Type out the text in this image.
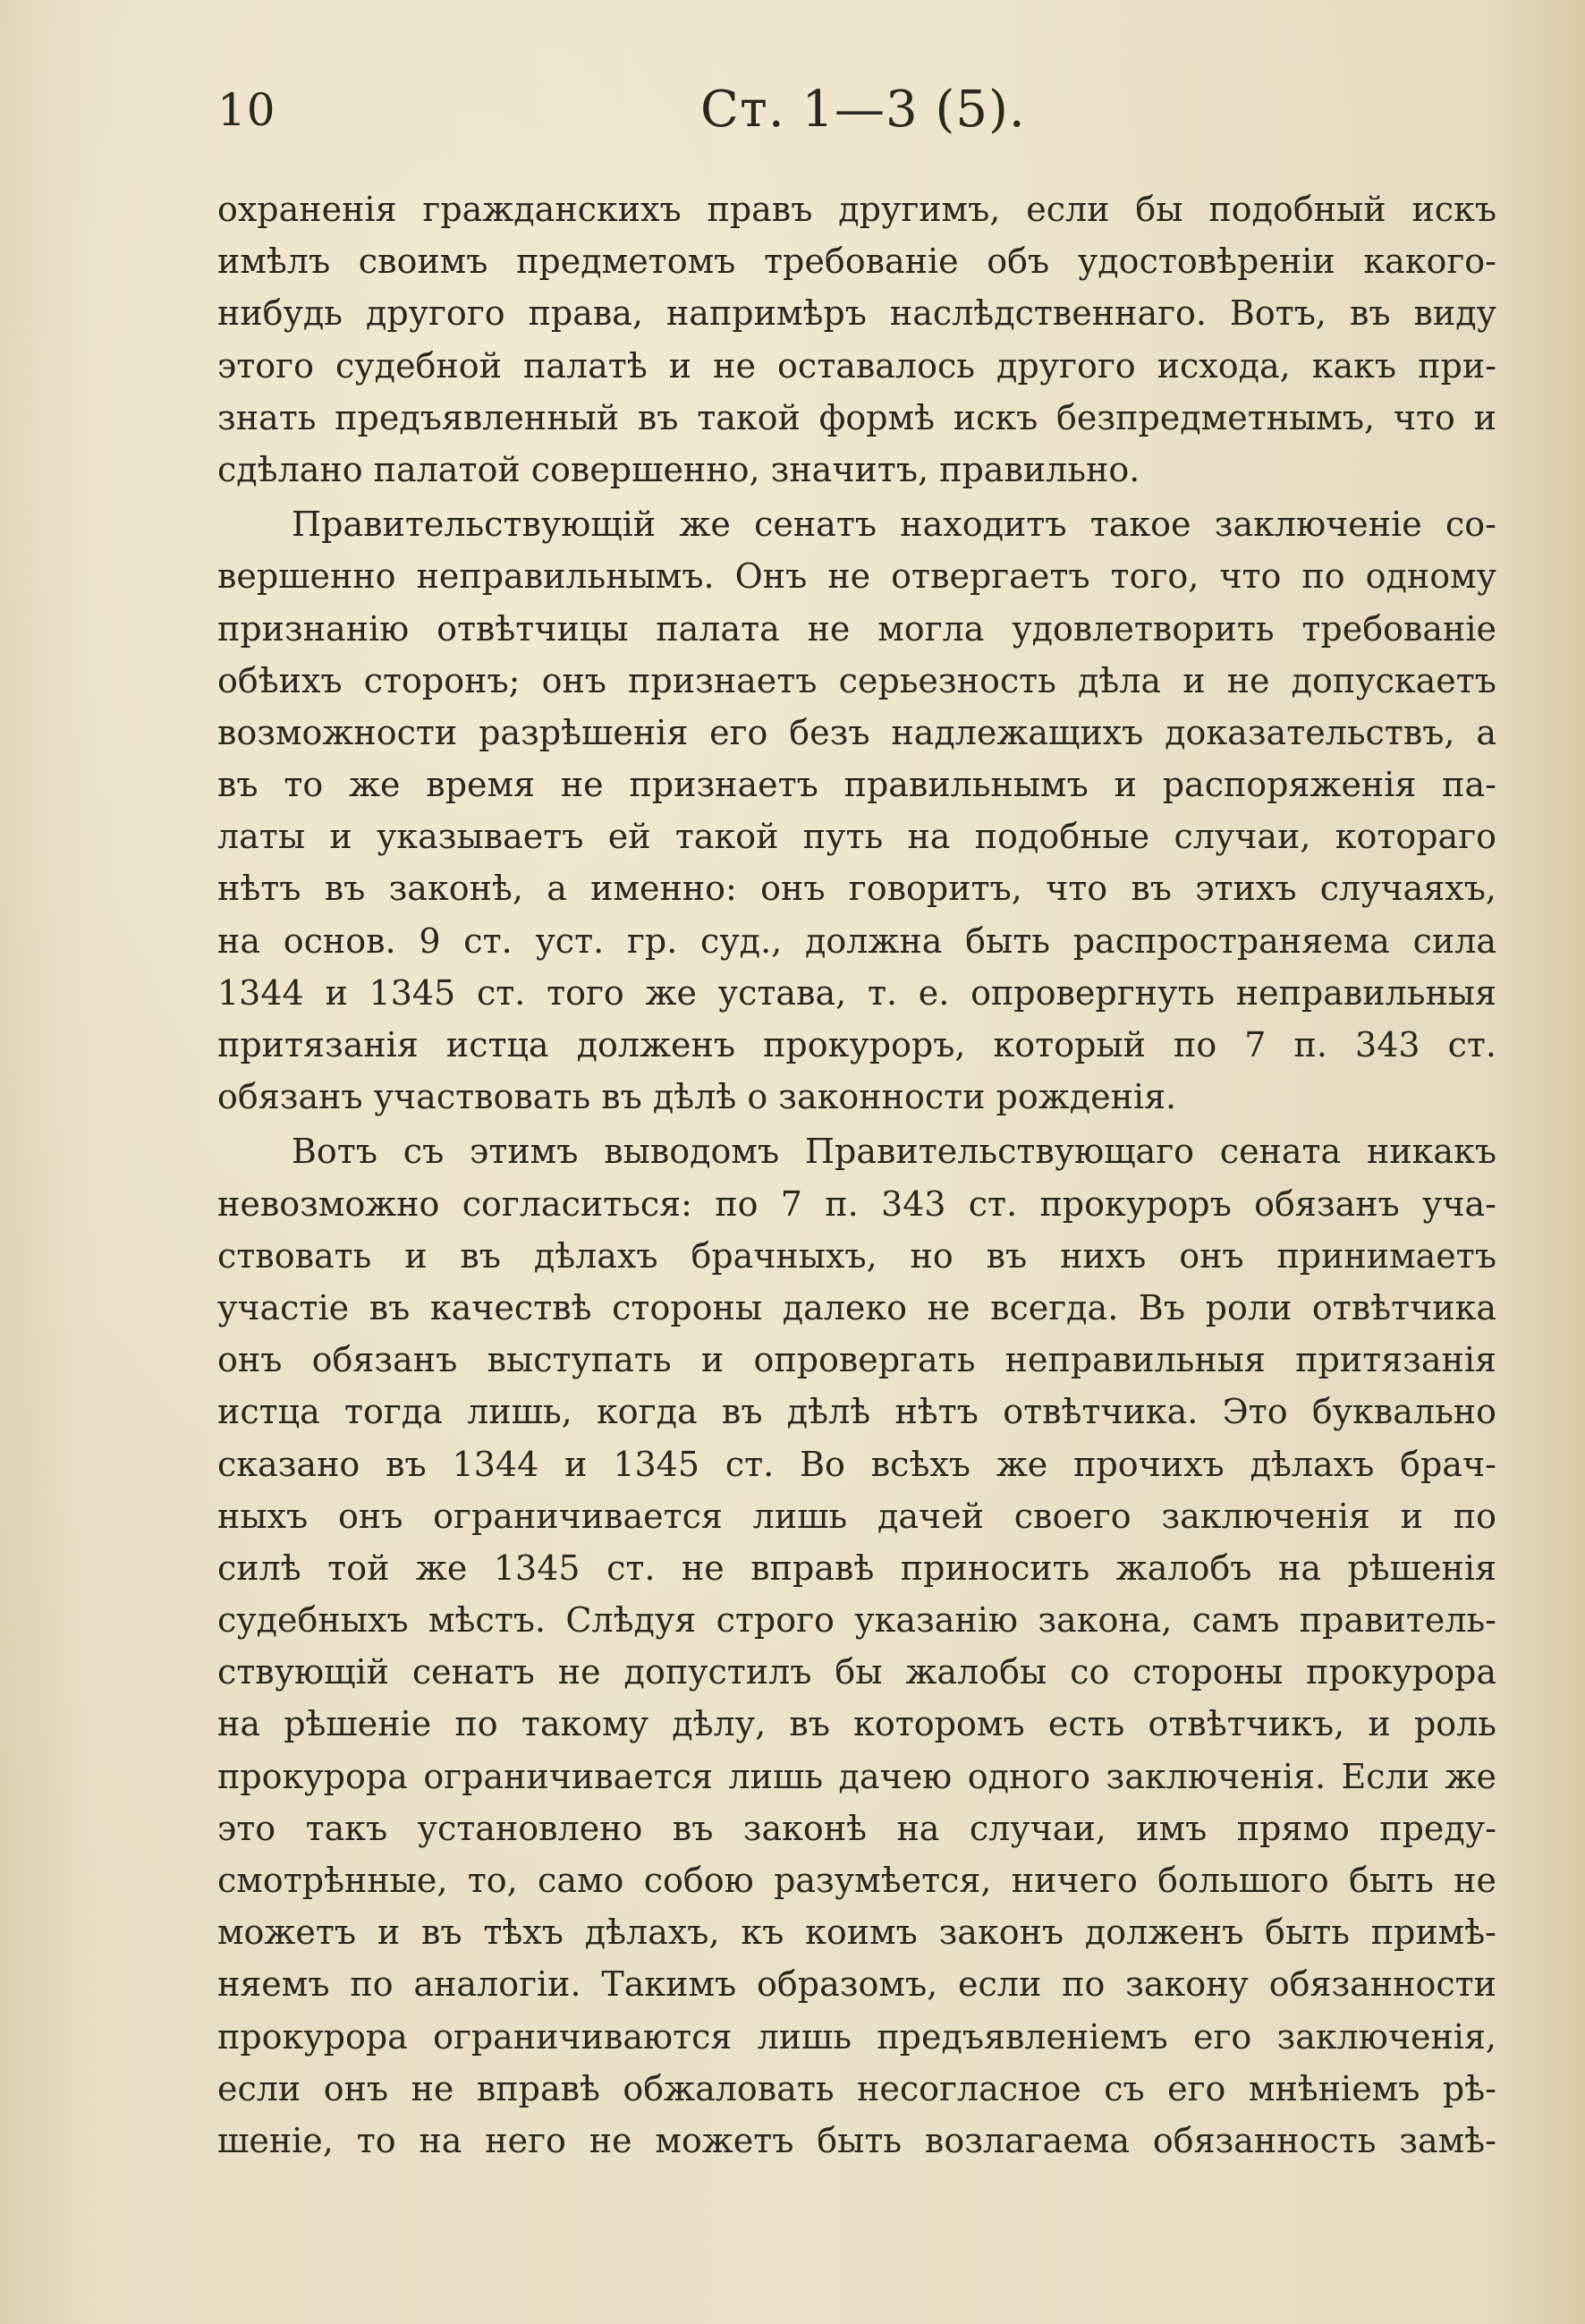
10	Ст. 1—3 (5).
охраненія гражданскихъ правъ другимъ, если бы подобный искъ
имѣлъ своимъ предметомъ требованіе объ удостовѣреніи какого-
нибудь другого права, напримѣръ наслѣдственнаго. Вотъ, въ виду
этого судебной палатѣ и не оставалось другого исхода, какъ при-
знать предъявленный въ такой формѣ искъ безпредметнымъ, что и
сдѣлано палатой совершенно, значитъ, правильно.
Правительствующій же сенатъ находитъ такое заключеніе со-
вершенно неправильнымъ. Онъ не отвергаетъ того, что по одному
признанію отвѣтчицы палата не могла удовлетворить требованіе
обѣихъ сторонъ; онъ признаетъ серьезность дѣла и не допускаетъ
возможности разрѣшенія его безъ надлежащихъ доказательствъ, а
въ то же время не признаетъ правильнымъ и распоряженія па-
латы и указываетъ ей такой путь на подобные случаи, котораго
нѣтъ въ законѣ, а именно: онъ говоритъ, что въ этихъ случаяхъ,
на основ. 9 ст. уст. гр. суд., должна быть распространяема сила
1344 и 1345 ст. того же устава, т. е. опровергнуть неправильныя
притязанія истца долженъ прокуроръ, который по 7 п. 343 ст.
обязанъ участвовать въ дѣлѣ о законности рожденія.
Вотъ съ этимъ выводомъ Правительствующаго сената никакъ
невозможно согласиться: по 7 п. 343 ст. прокуроръ обязанъ уча-
ствовать и въ дѣлахъ брачныхъ, но въ нихъ онъ принимаетъ
участіе въ качествѣ стороны далеко не всегда. Въ роли отвѣтчика
онъ обязанъ выступать и опровергать неправильныя притязанія
истца тогда лишь, когда въ дѣлѣ нѣтъ отвѣтчика. Это буквально
сказано въ 1344 и 1345 ст. Во всѣхъ же прочихъ дѣлахъ брач-
ныхъ онъ ограничивается лишь дачей своего заключенія и по
силѣ той же 1345 ст. не вправѣ приносить жалобъ на рѣшенія
судебныхъ мѣстъ. Слѣдуя строго указанію закона, самъ правитель-
ствующій сенатъ не допустилъ бы жалобы со стороны прокурора
на рѣшеніе по такому дѣлу, въ которомъ есть отвѣтчикъ, и роль
прокурора ограничивается лишь дачею одного заключенія. Если же
это такъ установлено въ законѣ на случаи, имъ прямо преду-
смотрѣнные, то, само собою разумѣется, ничего большого быть не
можетъ и въ тѣхъ дѣлахъ, къ коимъ законъ долженъ быть примѣ-
няемъ по аналогіи. Такимъ образомъ, если по закону обязанности
прокурора ограничиваются лишь предъявленіемъ его заключенія,
если онъ не вправѣ обжаловать несогласное съ его мнѣніемъ рѣ-
шеніе, то на него не можетъ быть возлагаема обязанность замѣ-
